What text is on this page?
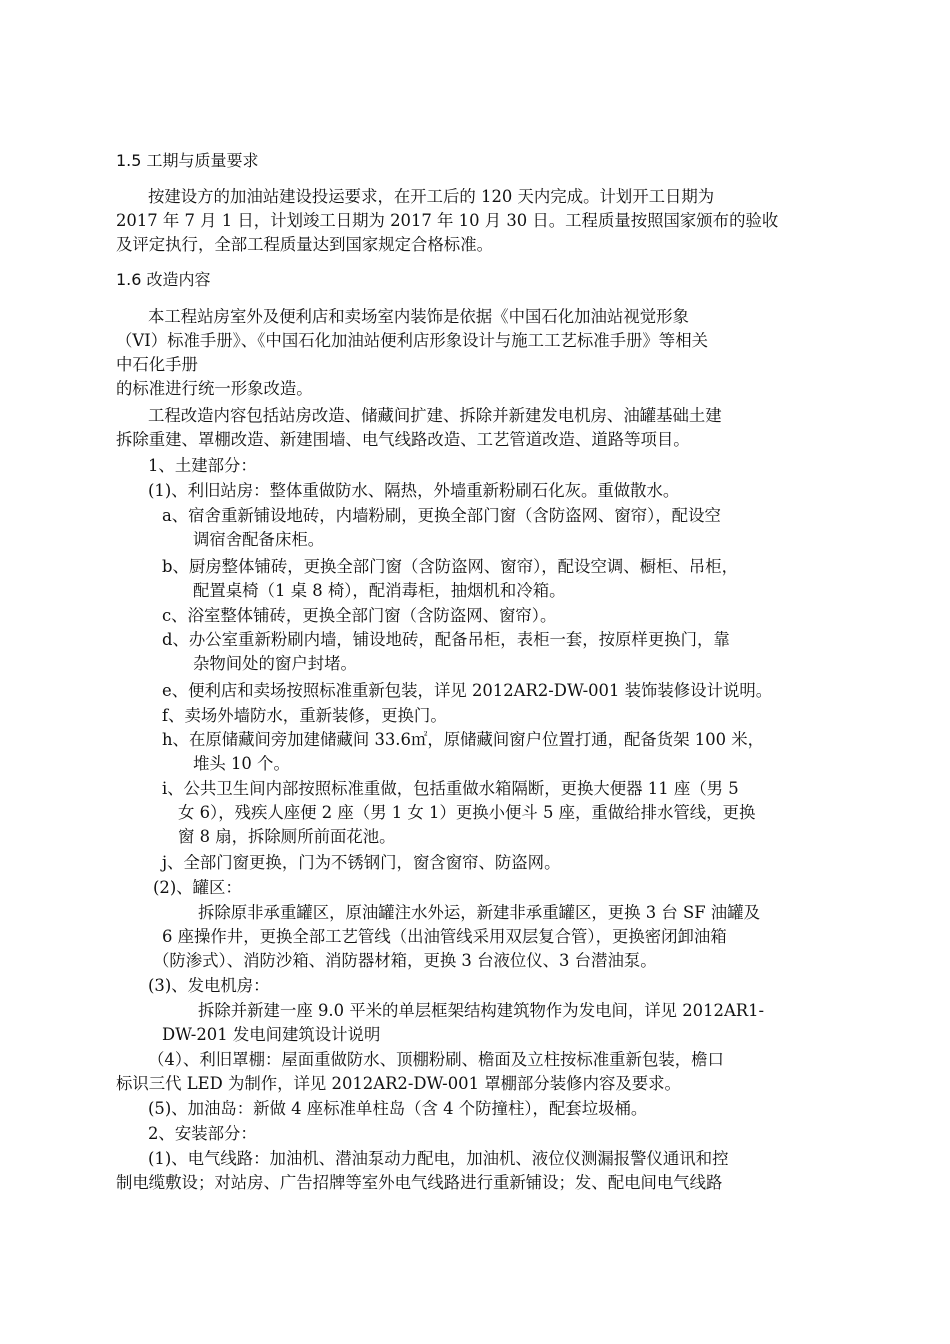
1.5 工期与质量要求
按建设方的加油站建设投运要求，在开工后的 120 天内完成。计划开工日期为
2017 年 7 月 1 日，计划竣工日期为 2017 年 10 月 30 日。工程质量按照国家颁布的验收
及评定执行，全部工程质量达到国家规定合格标准。
1.6 改造内容
本工程站房室外及便利店和卖场室内装饰是依据《中国石化加油站视觉形象
（VI）标准手册》、《中国石化加油站便利店形象设计与施工工艺标准手册》等相关
中石化手册
的标准进行统一形象改造。
工程改造内容包括站房改造、储藏间扩建、拆除并新建发电机房、油罐基础土建
拆除重建、罩棚改造、新建围墙、电气线路改造、工艺管道改造、道路等项目。
1、土建部分：
(1)、利旧站房：整体重做防水、隔热，外墙重新粉刷石化灰。重做散水。
a、宿舍重新铺设地砖，内墙粉刷，更换全部门窗（含防盗网、窗帘），配设空
调宿舍配备床柜。
b、厨房整体铺砖，更换全部门窗（含防盗网、窗帘），配设空调、橱柜、吊柜，
配置桌椅（1 桌 8 椅），配消毒柜，抽烟机和冷箱。
c、浴室整体铺砖，更换全部门窗（含防盗网、窗帘）。
d、办公室重新粉刷内墙，铺设地砖，配备吊柜，表柜一套，按原样更换门，靠
杂物间处的窗户封堵。
e、便利店和卖场按照标准重新包装，详见 2012AR2-DW-001 装饰装修设计说明。
f、卖场外墙防水，重新装修，更换门。
h、在原储藏间旁加建储藏间 33.6㎡，原储藏间窗户位置打通，配备货架 100 米，
堆头 10 个。
i、公共卫生间内部按照标准重做，包括重做水箱隔断，更换大便器 11 座（男 5
女 6），残疾人座便 2 座（男 1 女 1）更换小便斗 5 座，重做给排水管线，更换
窗 8 扇，拆除厕所前面花池。
j、全部门窗更换，门为不锈钢门，窗含窗帘、防盗网。
(2)、罐区：
拆除原非承重罐区，原油罐注水外运，新建非承重罐区，更换 3 台 SF 油罐及
6 座操作井，更换全部工艺管线（出油管线采用双层复合管），更换密闭卸油箱
（防渗式）、消防沙箱、消防器材箱，更换 3 台液位仪、3 台潜油泵。
(3)、发电机房：
拆除并新建一座 9.0 平米的单层框架结构建筑物作为发电间，详见 2012AR1-
DW-201 发电间建筑设计说明
（4）、利旧罩棚：屋面重做防水、顶棚粉刷、檐面及立柱按标准重新包装，檐口
标识三代 LED 为制作，详见 2012AR2-DW-001 罩棚部分装修内容及要求。
(5)、加油岛：新做 4 座标准单柱岛（含 4 个防撞柱），配套垃圾桶。
2、安装部分：
(1)、电气线路：加油机、潜油泵动力配电，加油机、液位仪测漏报警仪通讯和控
制电缆敷设；对站房、广告招牌等室外电气线路进行重新铺设；发、配电间电气线路
